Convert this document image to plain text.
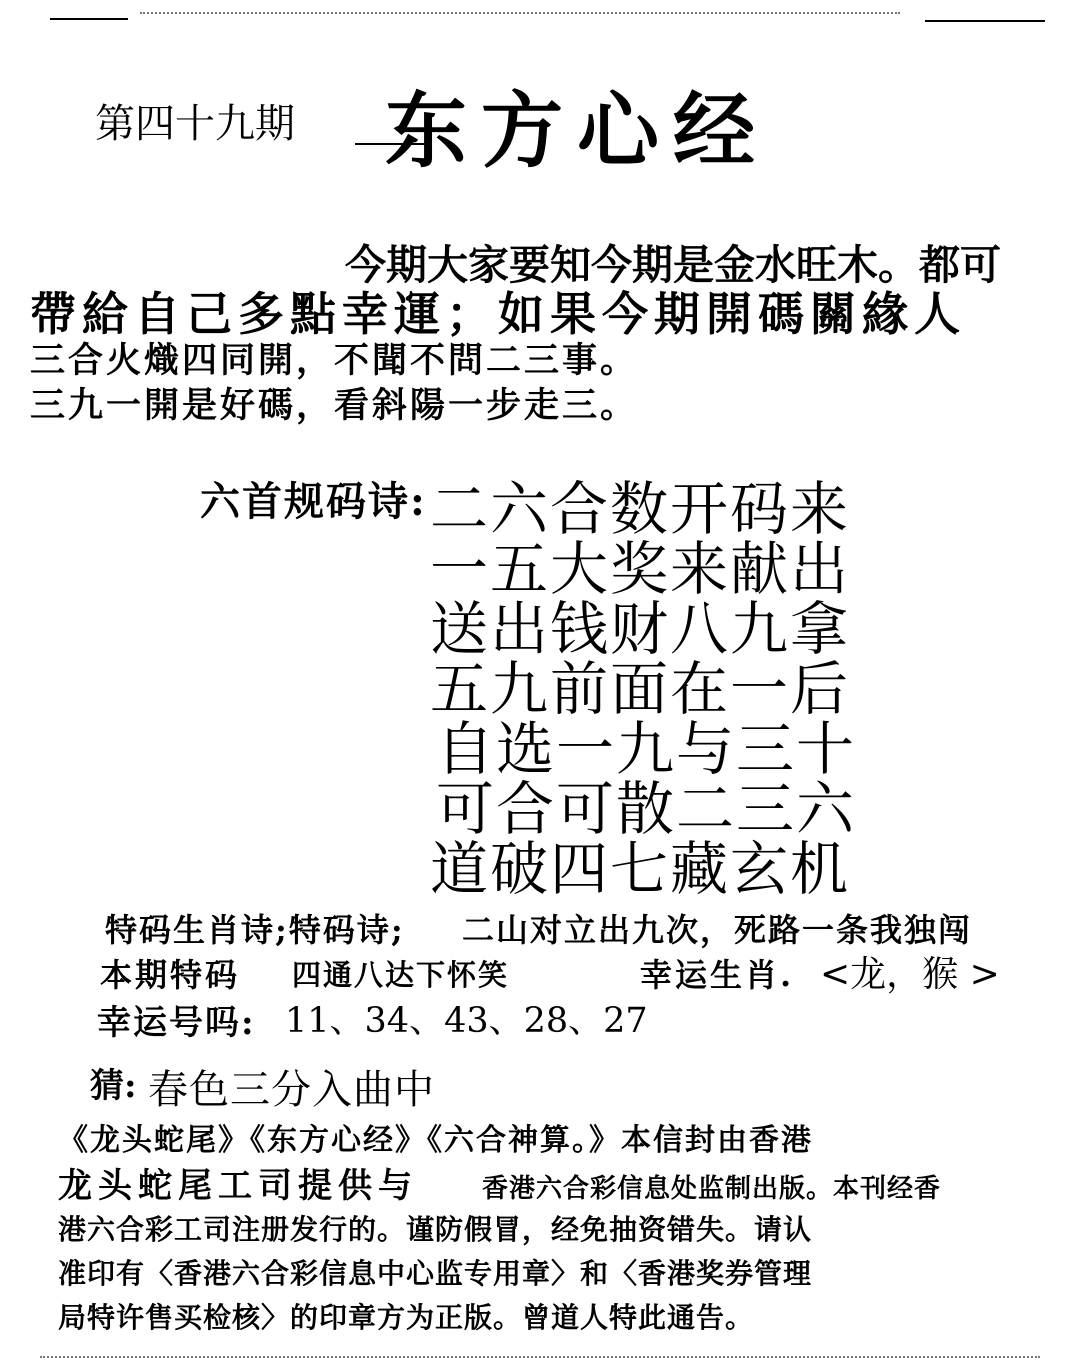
第四十九期 东方心经
今期大家要知今期是金水旺木。都可
帶給自己多點幸運；如果今期開碼關緣人
三合火熾四同開，不聞不問二三事。
三九一開是好碼，看斜陽一步走三。
六首规码诗: 二六合数开码来
一五大奖来献出
送出钱财八九拿
五九前面在一后
自选一九与三十
可合可散二三六
道破四七藏玄机
特码生肖诗;特码诗; 二山对立出九次，死路一条我独闯
本期特码 四通八达下怀笑	幸运生肖. <龙，猴 >
幸运号吗: 11、34、43、28、27
猜: 春色三分入曲中
《龙头蛇尾》《东方心经》《六合神算。》本信封由香港
龙头蛇尾工司提供与 香港六合彩信息处监制出版。本刊经香
港六合彩工司注册发行的。谨防假冒，经免抽资错失。请认
准印有〈香港六合彩信息中心监专用章〉和〈香港奖券管理
局特许售买检核〉的印章方为正版。曾道人特此通告。
